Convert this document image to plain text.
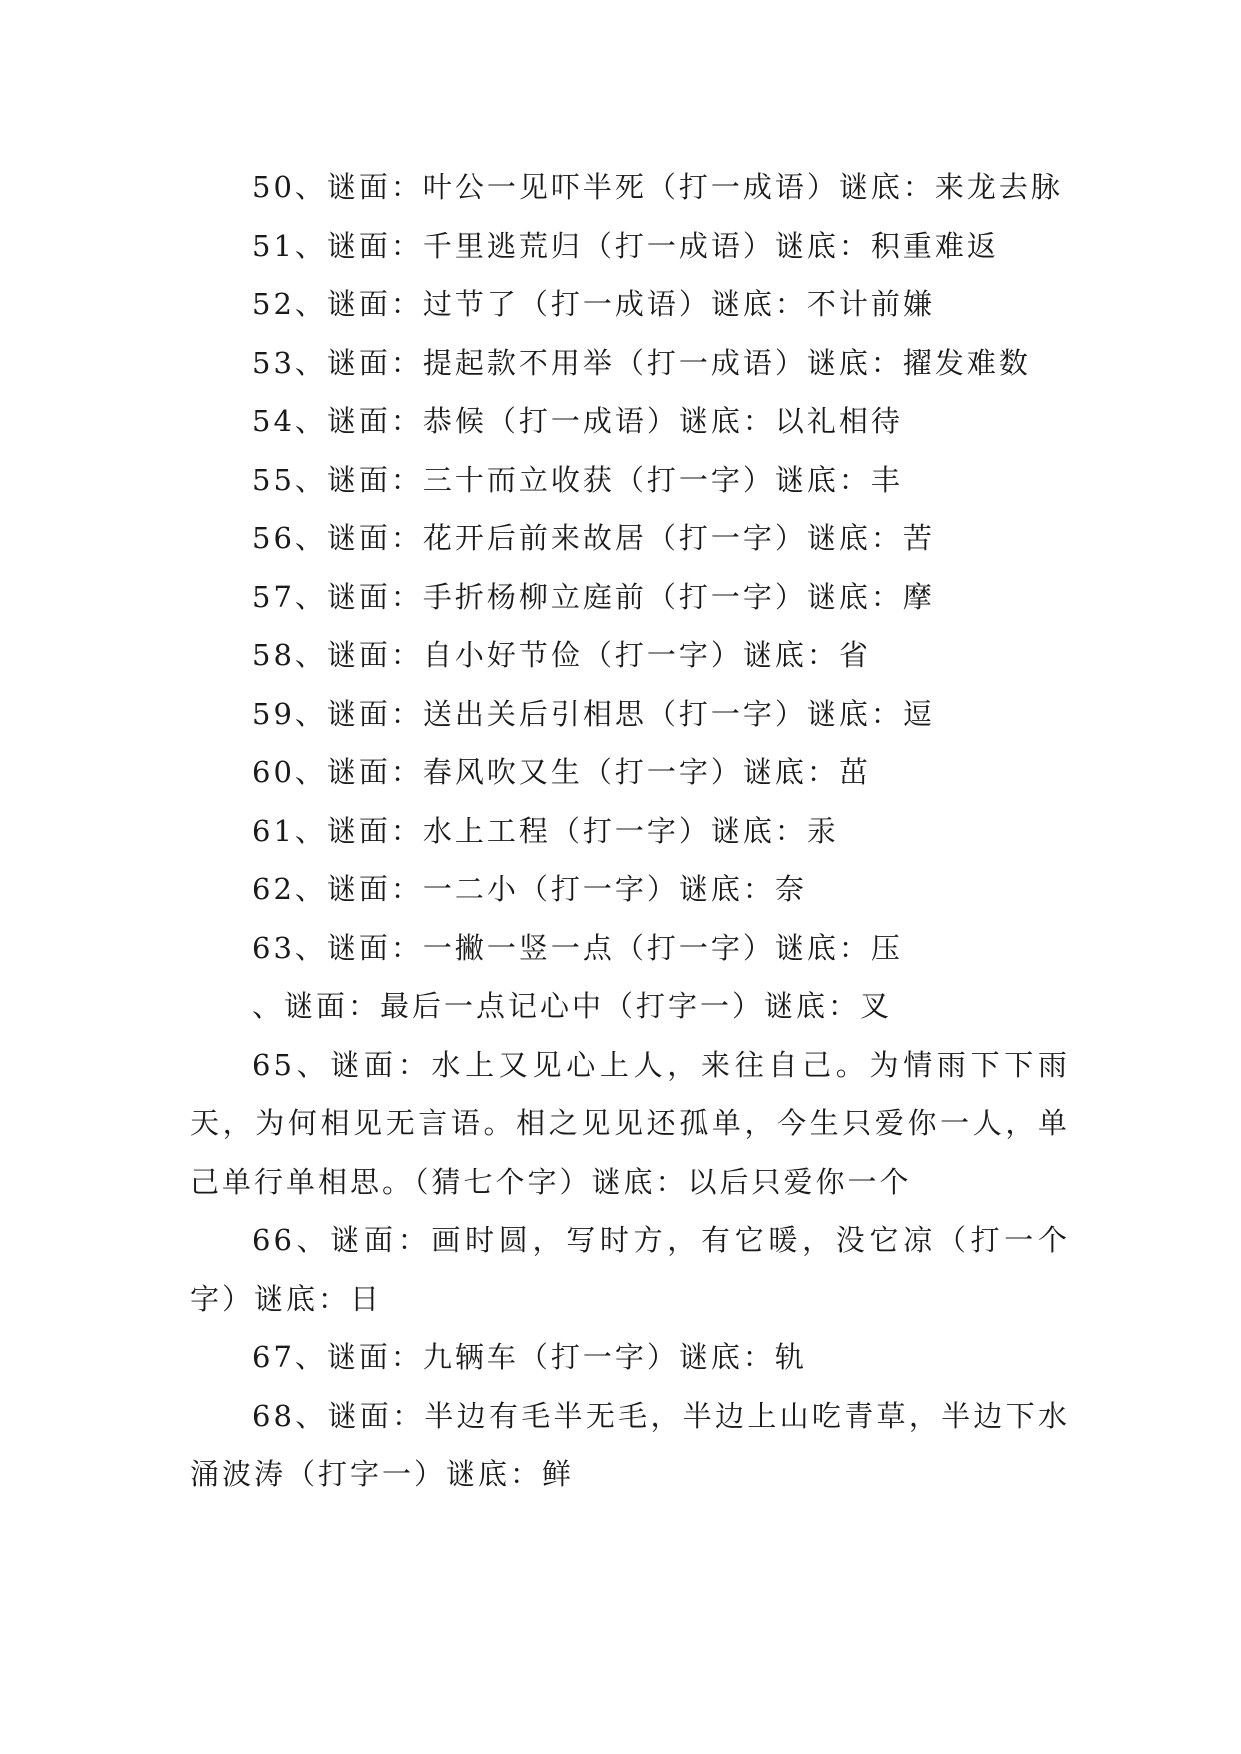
50、谜面：叶公一见吓半死（打一成语）谜底：来龙去脉

51、谜面：千里逃荒归（打一成语）谜底：积重难返

52、谜面：过节了（打一成语）谜底：不计前嫌

53、谜面：提起款不用举（打一成语）谜底：擢发难数

54、谜面：恭候（打一成语）谜底：以礼相待

55、谜面：三十而立收获（打一字）谜底：丰

56、谜面：花开后前来故居（打一字）谜底：苦

57、谜面：手折杨柳立庭前（打一字）谜底：摩

58、谜面：自小好节俭（打一字）谜底：省

59、谜面：送出关后引相思（打一字）谜底：逗

60、谜面：春风吹又生（打一字）谜底：茁

61、谜面：水上工程（打一字）谜底：汞

62、谜面：一二小（打一字）谜底：奈

63、谜面：一撇一竖一点（打一字）谜底：压

、谜面：最后一点记心中（打字一）谜底：叉

65、谜面：水上又见心上人，来往自己。为情雨下下雨天，为何相见无言语。相之见见还孤单，今生只爱你一人，单己单行单相思。（猜七个字）谜底：以后只爱你一个

66、谜面：画时圆，写时方，有它暖，没它凉（打一个字）谜底：日

67、谜面：九辆车（打一字）谜底：轨

68、谜面：半边有毛半无毛，半边上山吃青草，半边下水涌波涛（打字一）谜底：鲜
